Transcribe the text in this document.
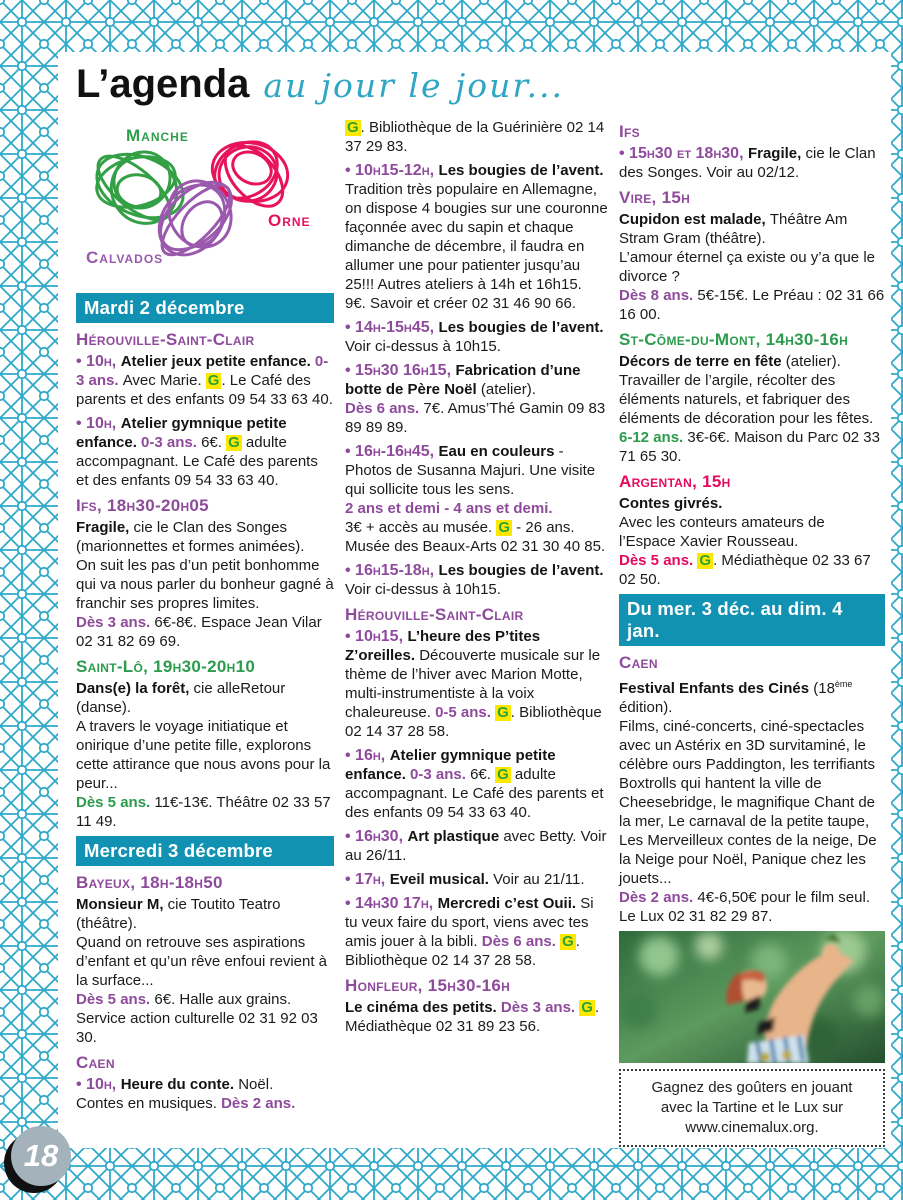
L’agenda au jour le jour...
Manche
Orne
Calvados
Mardi 2 décembre
Hérouville-Saint-Clair

• 10h, Atelier jeux petite enfance. 0-3 ans. Avec Marie. G . Le Café des parents et des enfants 09 54 33 63 40.

• 10h, Atelier gymnique petite enfance. 0-3 ans. 6€. G adulte accompagnant. Le Café des parents et des enfants 09 54 33 63 40.

Ifs, 18h30-20h05

Fragile, cie le Clan des Songes (marionnettes et formes animées).
On suit les pas d’un petit bonhomme qui va nous parler du bonheur gagné à franchir ses propres limites.
Dès 3 ans. 6€-8€. Espace Jean Vilar 02 31 82 69 69.

Saint-Lô, 19h30-20h10

Dans(e) la forêt, cie alleRetour (danse).
A travers le voyage initiatique et onirique d’une petite fille, explorons cette attirance que nous avons pour la peur...
Dès 5 ans. 11€-13€. Théâtre 02 33 57 11 49.

Mercredi 3 décembre
Bayeux, 18h-18h50

Monsieur M, cie Toutito Teatro (théâtre).
Quand on retrouve ses aspirations d’enfant et qu’un rêve enfoui revient à la surface...
Dès 5 ans. 6€. Halle aux grains. Service action culturelle 02 31 92 03 30.

Caen

• 10h, Heure du conte. Noël.
Contes en musiques. Dès 2 ans.

G . Bibliothèque de la Guérinière 02 14 37 29 83.

• 10h15-12h, Les bougies de l’avent. Tradition très populaire en Allemagne, on dispose 4 bougies sur une couronne façonnée avec du sapin et chaque dimanche de décembre, il faudra en allumer une pour patienter jusqu’au 25!!! Autres ateliers à 14h et 16h15.
9€. Savoir et créer 02 31 46 90 66.

• 14h-15h45, Les bougies de l’avent. Voir ci-dessus à 10h15.

• 15h30 16h15, Fabrication d’une botte de Père Noël (atelier).
Dès 6 ans. 7€. Amus’Thé Gamin 09 83 89 89 89.

• 16h-16h45, Eau en couleurs - Photos de Susanna Majuri. Une visite qui sollicite tous les sens.
2 ans et demi - 4 ans et demi.
3€ + accès au musée. G - 26 ans. Musée des Beaux-Arts 02 31 30 40 85.

• 16h15-18h, Les bougies de l’avent. Voir ci-dessus à 10h15.

Hérouville-Saint-Clair

• 10h15, L’heure des P’tites Z’oreilles. Découverte musicale sur le thème de l’hiver avec Marion Motte, multi-instrumentiste à la voix chaleureuse. 0-5 ans. G . Bibliothèque 02 14 37 28 58.

• 16h, Atelier gymnique petite enfance. 0-3 ans. 6€. G adulte accompagnant. Le Café des parents et des enfants 09 54 33 63 40.

• 16h30, Art plastique avec Betty. Voir au 26/11.

• 17h, Eveil musical. Voir au 21/11.

• 14h30 17h, Mercredi c’est Ouii. Si tu veux faire du sport, viens avec tes amis jouer à la bibli. Dès 6 ans. G . Bibliothèque 02 14 37 28 58.

Honfleur, 15h30-16h

Le cinéma des petits. Dès 3 ans. G . Médiathèque 02 31 89 23 56.

Ifs

• 15h30 et 18h30, Fragile, cie le Clan des Songes. Voir au 02/12.

Vire, 15h

Cupidon est malade, Théâtre Am Stram Gram (théâtre).
L’amour éternel ça existe ou y’a que le divorce ?
Dès 8 ans. 5€-15€. Le Préau : 02 31 66 16 00.

St-Côme-du-Mont, 14h30-16h

Décors de terre en fête (atelier). Travailler de l’argile, récolter des éléments naturels, et fabriquer des éléments de décoration pour les fêtes.
6-12 ans. 3€-6€. Maison du Parc 02 33 71 65 30.

Argentan, 15h

Contes givrés.
Avec les conteurs amateurs de l’Espace Xavier Rousseau.
Dès 5 ans. G . Médiathèque 02 33 67 02 50.

Du mer. 3 déc. au dim. 4 jan.
Caen

Festival Enfants des Cinés (18ème édition).
Films, ciné-concerts, ciné-spectacles avec un Astérix en 3D survitaminé, le célèbre ours Paddington, les terrifiants Boxtrolls qui hantent la ville de Cheesebridge, le magnifique Chant de la mer, Le carnaval de la petite taupe, Les Merveilleux contes de la neige, De la Neige pour Noël, Panique chez les jouets...
Dès 2 ans. 4€-6,50€ pour le film seul. Le Lux 02 31 82 29 87.

Gagnez des goûters en jouant
avec la Tartine et le Lux sur
www.cinemalux.org.
18
